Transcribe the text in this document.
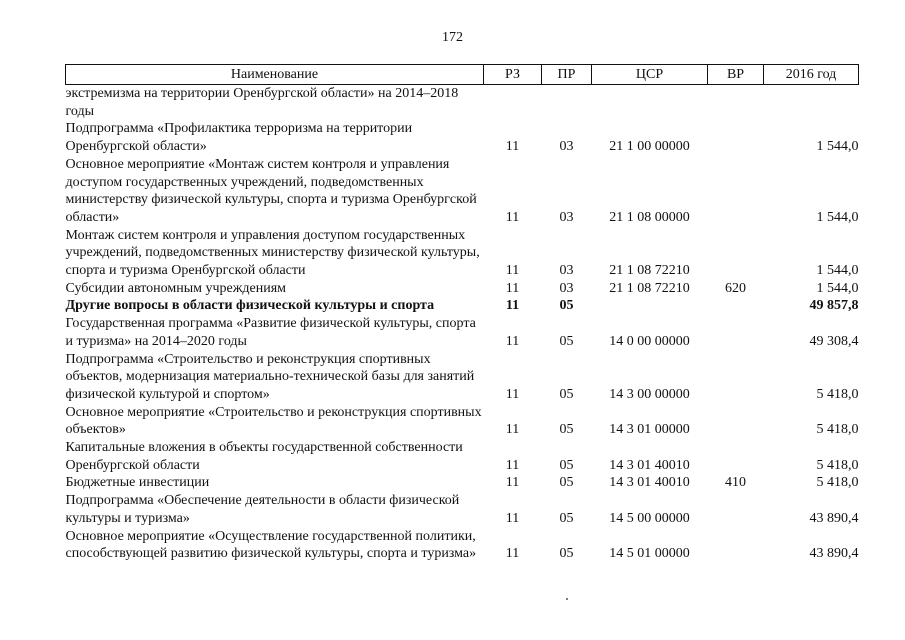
172
Наименование	РЗ	ПР	ЦСР	ВР	2016 год
экстремизма на территории Оренбургской области» на 2014–2018 годы					
Подпрограмма «Профилактика терроризма на территории Оренбургской области»	11	03	21 1 00 00000		1 544,0
Основное мероприятие «Монтаж систем контроля и управления доступом государственных учреждений, подведомственных министерству физической культуры, спорта и туризма Оренбургской области»	11	03	21 1 08 00000		1 544,0
Монтаж систем контроля и управления доступом государственных учреждений, подведомственных министерству физической культуры, спорта и туризма Оренбургской области	11	03	21 1 08 72210		1 544,0
Субсидии автономным учреждениям	11	03	21 1 08 72210	620	1 544,0
Другие вопросы в области физической культуры и спорта	11	05			49 857,8
Государственная программа «Развитие физической культуры, спорта и туризма» на 2014–2020 годы	11	05	14 0 00 00000		49 308,4
Подпрограмма «Строительство и реконструкция спортивных объектов, модернизация материально-технической базы для занятий физической культурой и спортом»	11	05	14 3 00 00000		5 418,0
Основное мероприятие «Строительство и реконструкция спортивных объектов»	11	05	14 3 01 00000		5 418,0
Капитальные вложения в объекты государственной собственности Оренбургской области	11	05	14 3 01 40010		5 418,0
Бюджетные инвестиции	11	05	14 3 01 40010	410	5 418,0
Подпрограмма «Обеспечение деятельности в области физической культуры и туризма»	11	05	14 5 00 00000		43 890,4
Основное мероприятие «Осуществление государственной политики, способствующей развитию физической культуры, спорта и туризма»	11	05	14 5 01 00000		43 890,4
